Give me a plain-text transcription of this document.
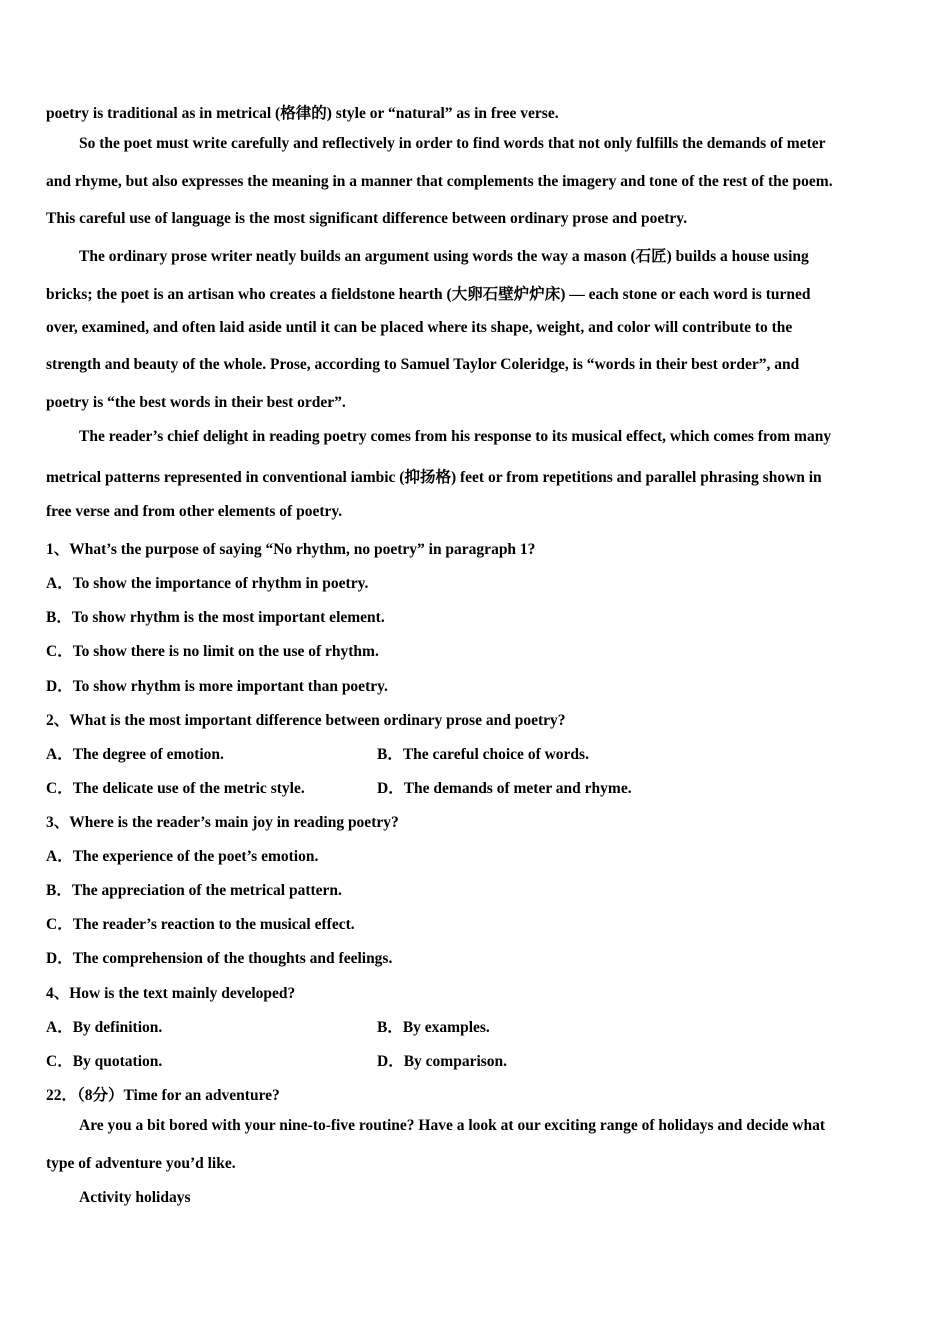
poetry is traditional as in metrical (格律的) style or “natural” as in free verse.
So the poet must write carefully and reflectively in order to find words that not only fulfills the demands of meter
and rhyme, but also expresses the meaning in a manner that complements the imagery and tone of the rest of the poem.
This careful use of language is the most significant difference between ordinary prose and poetry.
The ordinary prose writer neatly builds an argument using words the way a mason (石匠) builds a house using
bricks; the poet is an artisan who creates a fieldstone hearth (大卵石壁炉炉床) — each stone or each word is turned
over, examined, and often laid aside until it can be placed where its shape, weight, and color will contribute to the
strength and beauty of the whole. Prose, according to Samuel Taylor Coleridge, is “words in their best order”, and
poetry is “the best words in their best order”.
The reader’s chief delight in reading poetry comes from his response to its musical effect, which comes from many
metrical patterns represented in conventional iambic (抑扬格) feet or from repetitions and parallel phrasing shown in
free verse and from other elements of poetry.
1、What’s the purpose of saying “No rhythm, no poetry” in paragraph 1?
A．To show the importance of rhythm in poetry.
B．To show rhythm is the most important element.
C．To show there is no limit on the use of rhythm.
D．To show rhythm is more important than poetry.
2、What is the most important difference between ordinary prose and poetry?
A．The degree of emotion.	B．The careful choice of words.
C．The delicate use of the metric style.	D．The demands of meter and rhyme.
3、Where is the reader’s main joy in reading poetry?
A．The experience of the poet’s emotion.
B．The appreciation of the metrical pattern.
C．The reader’s reaction to the musical effect.
D．The comprehension of the thoughts and feelings.
4、How is the text mainly developed?
A．By definition.	B．By examples.
C．By quotation.	D．By comparison.
22．（8分）Time for an adventure?
Are you a bit bored with your nine-to-five routine? Have a look at our exciting range of holidays and decide what
type of adventure you’d like.
Activity holidays
